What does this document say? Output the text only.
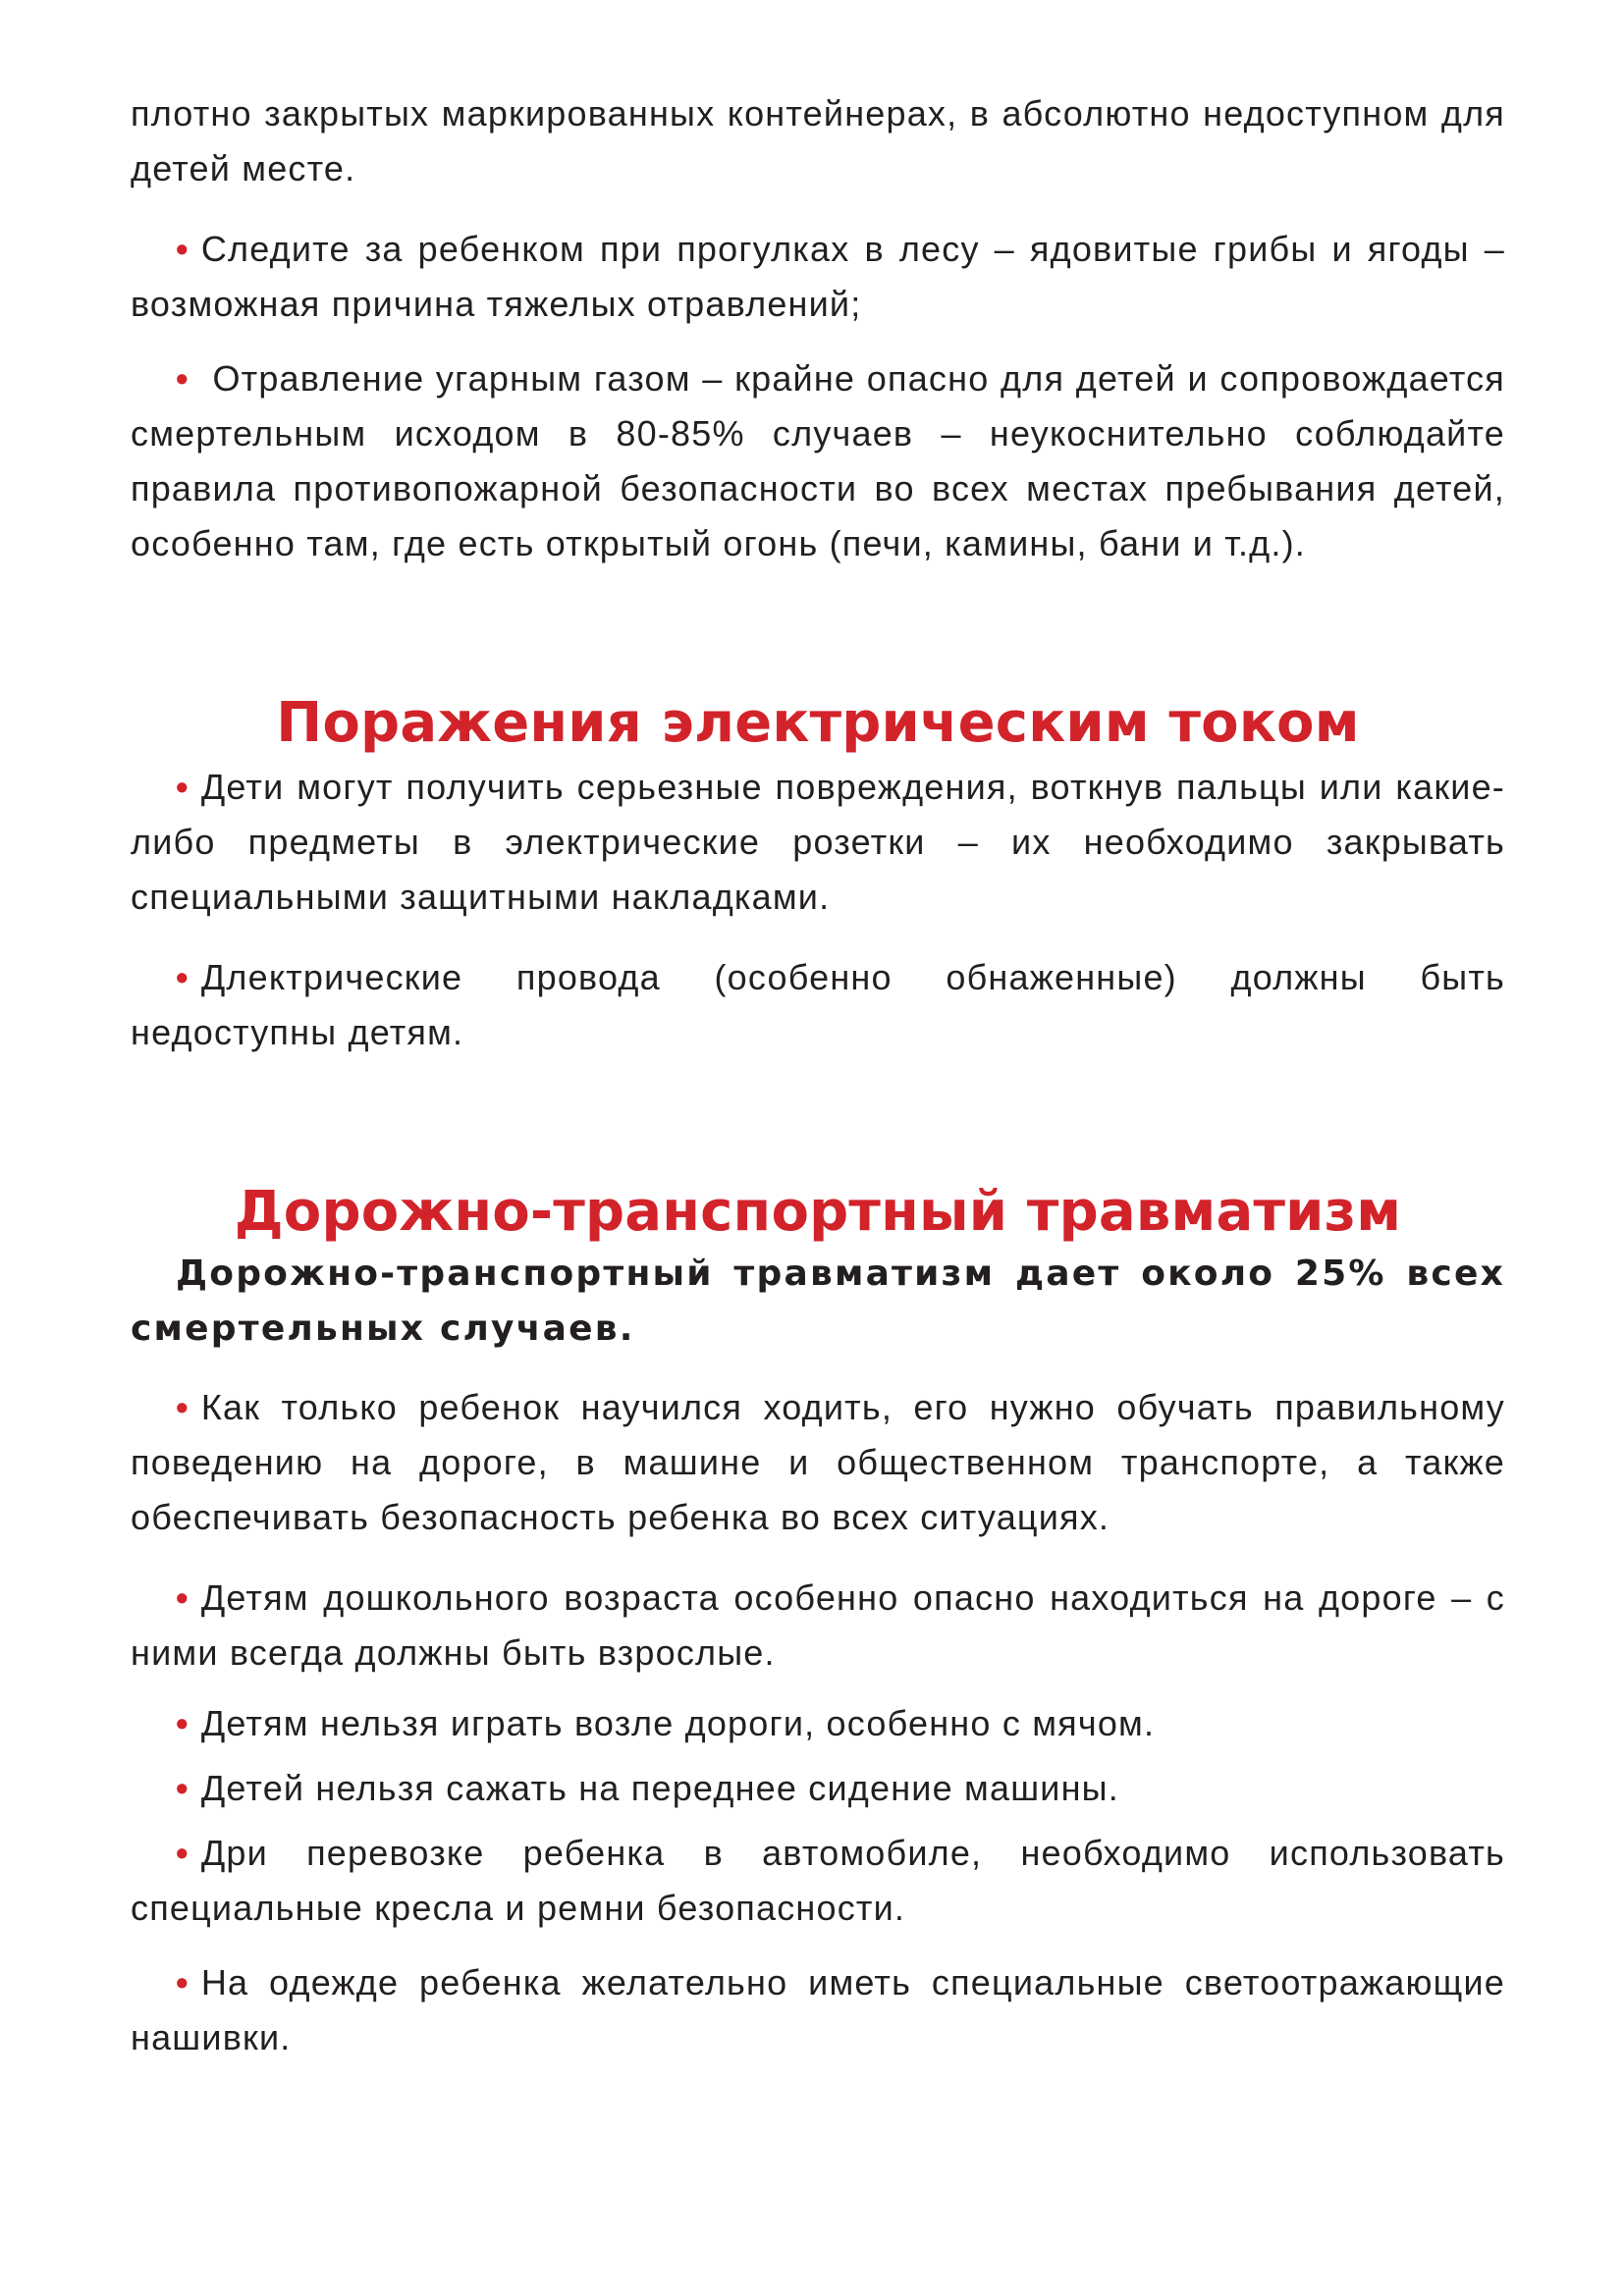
плотно закрытых маркированных контейнерах, в абсолютно недоступном для детей месте.

• Следите за ребенком при прогулках в лесу – ядовитые грибы и ягоды – возможная причина тяжелых отравлений;

• Отравление угарным газом – крайне опасно для детей и сопровождается смертельным исходом в 80-85% случаев – неукоснительно соблюдайте правила противопожарной безопасности во всех местах пребывания детей, особенно там, где есть открытый огонь (печи, камины, бани и т.д.).

Поражения электрическим током

• Дети могут получить серьезные повреждения, воткнув пальцы или какие-либо предметы в электрические розетки – их необходимо закрывать специальными защитными накладками.

• Длектрические провода (особенно обнаженные) должны быть недоступны детям.

Дорожно-транспортный травматизм

Дорожно-транспортный травматизм дает около 25% всех смертельных случаев.

• Как только ребенок научился ходить, его нужно обучать правильному поведению на дороге, в машине и общественном транспорте, а также обеспечивать безопасность ребенка во всех ситуациях.

• Детям дошкольного возраста особенно опасно находиться на дороге – с ними всегда должны быть взрослые.

• Детям нельзя играть возле дороги, особенно с мячом.

• Детей нельзя сажать на переднее сидение машины.

• Дри перевозке ребенка в автомобиле, необходимо использовать специальные кресла и ремни безопасности.

• На одежде ребенка желательно иметь специальные светоотражающие нашивки.
